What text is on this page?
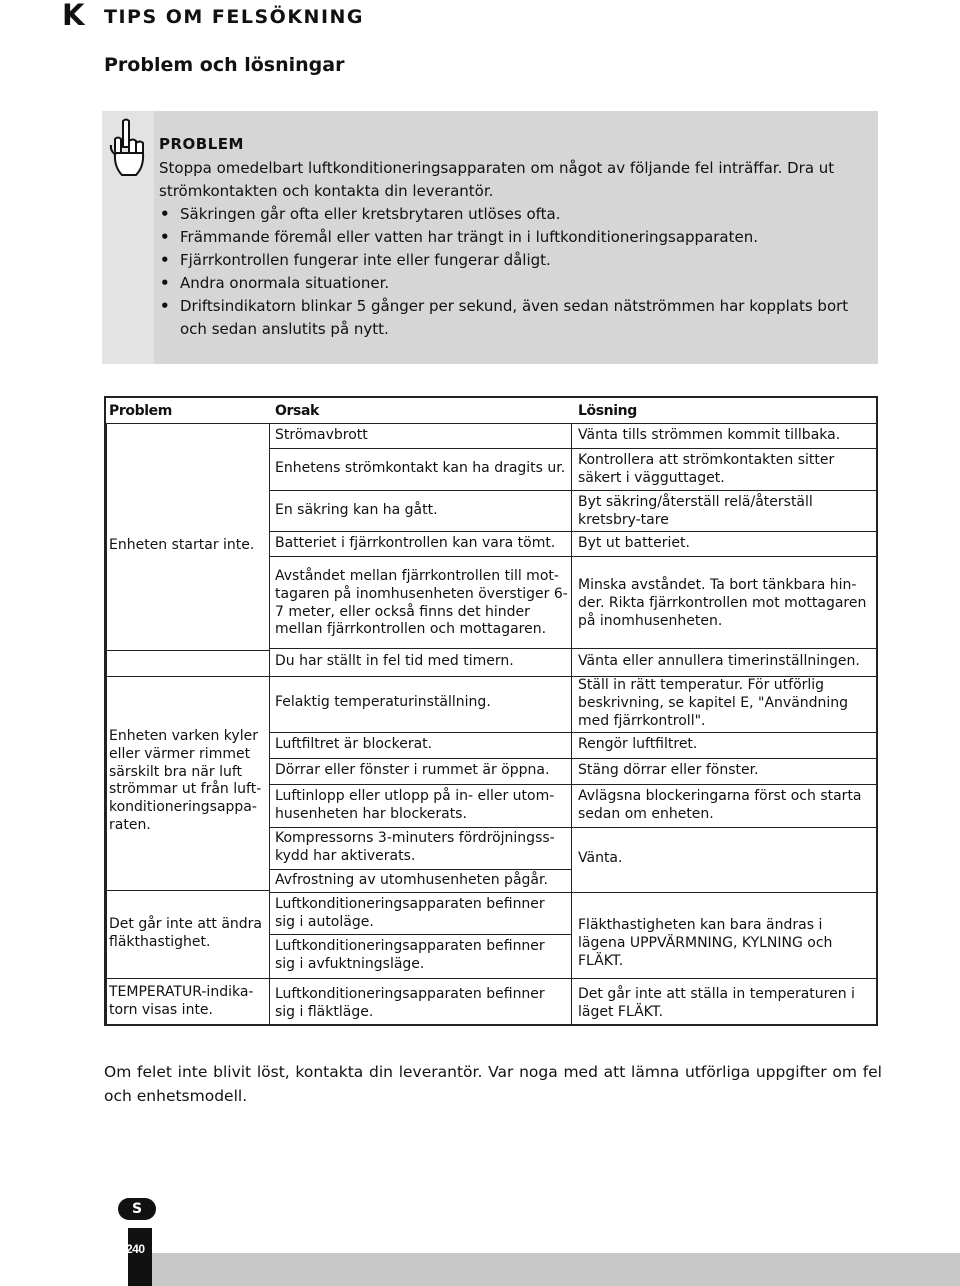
K TIPS OM FELSÖKNING
Problem och lösningar
PROBLEM
Stoppa omedelbart luftkonditioneringsapparaten om något av följande fel inträffar. Dra ut strömkontakten och kontakta din leverantör.
• Säkringen går ofta eller kretsbrytaren utlöses ofta.
• Främmande föremål eller vatten har trängt in i luftkonditioneringsapparaten.
• Fjärrkontrollen fungerar inte eller fungerar dåligt.
• Andra onormala situationer.
• Driftsindikatorn blinkar 5 gånger per sekund, även sedan nätströmmen har kopplats bort och sedan anslutits på nytt.
Problem	Orsak	Lösning
Enheten startar inte.
Enheten varken kyler eller värmer rimmet särskilt bra när luft strömmar ut från luft-konditioneringsappa-raten.
Det går inte att ändra fläkthastighet.
TEMPERATUR-indika-torn visas inte.
Strömavbrott
Enhetens strömkontakt kan ha dragits ur.
En säkring kan ha gått.
Batteriet i fjärrkontrollen kan vara tömt.
Avståndet mellan fjärrkontrollen till mot-tagaren på inomhusenheten överstiger 6-7 meter, eller också finns det hinder mellan fjärrkontrollen och mottagaren.
Du har ställt in fel tid med timern.
Felaktig temperaturinställning.
Luftfiltret är blockerat.
Dörrar eller fönster i rummet är öppna.
Luftinlopp eller utlopp på in- eller utom-husenheten har blockerats.
Kompressorns 3-minuters fördröjningss-kydd har aktiverats.
Avfrostning av utomhusenheten pågår.
Luftkonditioneringsapparaten befinner sig i autoläge.
Luftkonditioneringsapparaten befinner sig i avfuktningsläge.
Luftkonditioneringsapparaten befinner sig i fläktläge.
Vänta tills strömmen kommit tillbaka.
Kontrollera att strömkontakten sitter säkert i vägguttaget.
Byt säkring/återställ relä/återställ kretsbry-tare
Byt ut batteriet.
Minska avståndet. Ta bort tänkbara hin-der. Rikta fjärrkontrollen mot mottagaren på inomhusenheten.
Vänta eller annullera timerinställningen.
Ställ in rätt temperatur. För utförlig beskrivning, se kapitel E, "Användning med fjärrkontroll".
Rengör luftfiltret.
Stäng dörrar eller fönster.
Avlägsna blockeringarna först och starta sedan om enheten.
Vänta.
Fläkthastigheten kan bara ändras i lägena UPPVÄRMNING, KYLNING och FLÄKT.
Det går inte att ställa in temperaturen i läget FLÄKT.
Om felet inte blivit löst, kontakta din leverantör. Var noga med att lämna utförliga uppgifter om fel och enhetsmodell.
S
240
